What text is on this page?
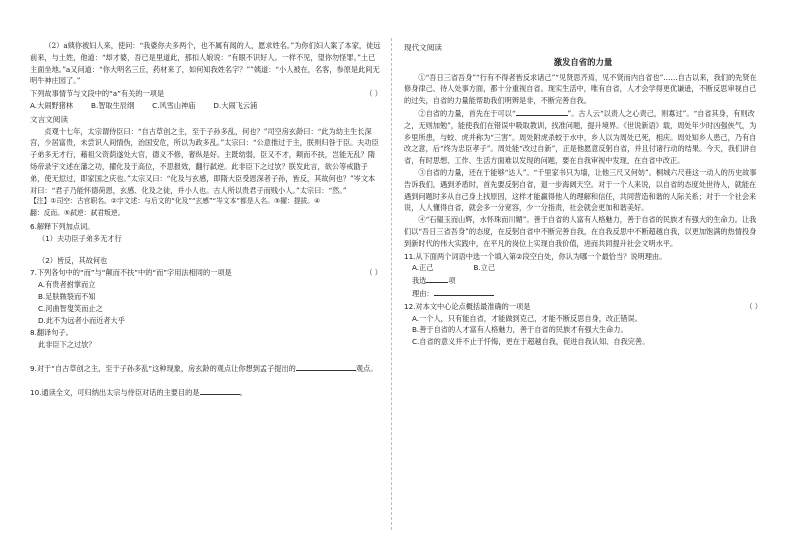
（2）a姨你被妇人来，使问：“我婆你夫多两个，也不属有闻的人，愿求姓名。”为你们妇人案了本家，徒远前来，与土姓，他道：“却才婆，吾已是里道此，那扣人娘说：“有眼不识好人。一样不见，望你勿怪罪。”土已主面坐地。”a又问道：“你大明名三丘，药材来了，如何知我姓名字？””姨道：“小人被在，名客，参原是此间无明牛神庄园了。”

下列故事情节与文段中的“a”有关的一项是	（ ）
A.大闹野猪林	B.智取生辰纲	C.风雪山神庙	D.大闹飞云浦

文言文阅读

贞观十七年，太宗谓侍臣曰：“自古草创之主，至于子孙多乱，何也？”司空房玄龄曰：“此为幼主生长深宫，少居富贵，未尝识人间情伪，治国安危，所以为政多乱。”太宗曰：“公意推过于主，朕则归咎于臣。夫功臣子弟多无才行，藉祖父资荫遂处大官，德义不修，奢纵是好。主既幼弱，臣又不才，颠而不扶，岂能无乱？隋炀帝录宇文述在藩之功，擢化及于高位，不思报效，翻行弑逆。此非臣下之过欤？朕发此言，欲公等戒勖子弟，使无愆过，即家国之庆也。”太宗又曰：“化及与玄感，即隋大臣受恩深者子孙，皆反，其故何也？”岑文本对曰：“君子乃能怀德荷恩，玄感、化及之徒，并小人也。古人所以贵君子而贱小人。”太宗曰：“然。”

【注】①司空：古官职名。②宇文述：与后文的“化及”“玄感”“岑文本”都是人名。③擢：提拔。④

翻：反而。⑤弑逆：弑君叛逆。

6.解释下列加点词。

（1）夫功臣子弟多无才行

（2）皆反，其故何也

7.下列各句中的“而”与“颠而不扶”中的“而”字用法相同的一项是	（ ）

A.有贵者拊掌而立

B.足肤皲裂而不知

C.河曲智叟笑而止之

D.此不为远者小而近者大乎

8.翻译句子。

此非臣下之过欤？

9.对于“自古草创之主，至于子孙多乱”这种现象，房玄龄的观点让你想到孟子提出的	观点。

10.通读全文，可归纳出太宗与侍臣对话的主要目的是	。

现代文阅读

激发自省的力量

①“吾日三省吾身”“行有不得者皆反求诸己”“见贤思齐焉，见不贤而内自省也”……自古以来，我们的先贤在修身律己、待人处事方面，都十分重视自省。现实生活中，唯有自省，人才会学得更优谦逊，不断反思审视自己的过失，自省的力量能帮助我们明辨是非，不断完善自我。

②自省的力量，首先在于可以“	”。古人云“以责人之心责己，则寡过”。“自省其身，有则改之，无则加勉”，能使我们在错误中吸取教训，找准问题，提升境界。《世说新语》载，周处年少时凶强侠气，为乡里所患，与蛟、虎并称为“三害”。周处附虎杀蛟于水中，乡人以为周处已死，相庆。周处知乡人患己，乃有自改之意，后“终为忠臣孝子”。周处能“改过自新”，正是他愿意反躬自省，并且付诸行动的结果。今天，我们讲自省，有时思想、工作、生活方面难以发现的问题，要在自我审视中发现，在自省中改正。

③自省的力量，还在于能够“达人”。“千里家书只为墙，让他三尺又何妨”。桐城六尺巷这一动人的历史故事告诉我们，遇到矛盾时，首先要反躬自省，退一步海阔天空。对于一个人来说，以自省的态度处世待人，就能在遇到问题时多从自己身上找原因，这样才能赢得他人的理解和信任，共同营造和谐的人际关系；对于一个社会来说，人人懂得自省，就会多一分宽容，少一分指责，社会就会更加和谐美好。

④“石韫玉而山辉，水怀珠而川媚”。善于自省的人富有人格魅力，善于自省的民族才有强大的生命力。让我们以“吾日三省吾身”的态度，在反躬自省中不断完善自我，在自我反思中不断超越自我，以更加饱满的热情投身到新时代的伟大实践中，在平凡的岗位上实现自我价值，进而共同提升社会文明水平。

11.从下面两个词语中选一个填入第②段空白处，你认为哪一个最恰当？说明理由。

A.正己	B.立己

我选	项

理由：

12.对本文中心论点概括最准确的一项是	（ ）

A.一个人，只有能自省，才能做到克己，才能不断反思自身，改正错误。

B.善于自省的人才富有人格魅力，善于自省的民族才有强大生命力。

C.自省的意义并不止于忏悔，更在于超越自我，促进自我认知、自我完善。
